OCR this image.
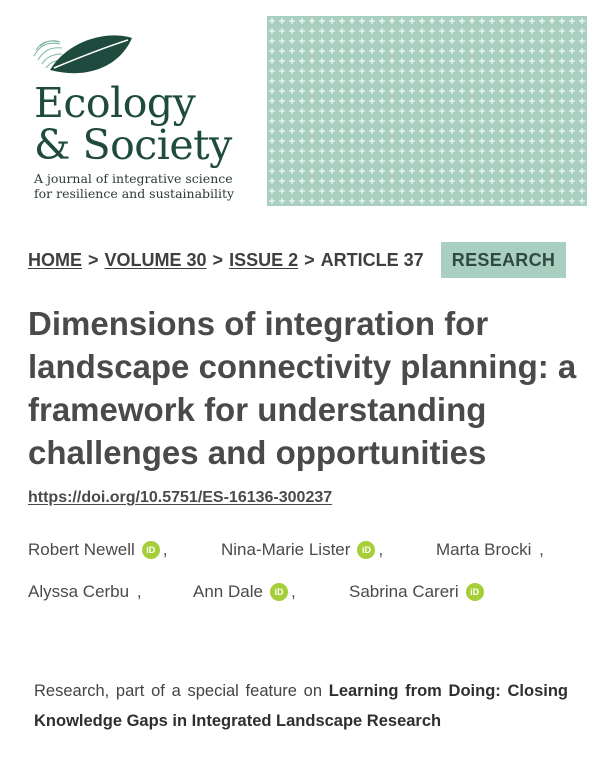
Ecology
& Society
A journal of integrative science
for resilience and sustainability
HOME > VOLUME 30 > ISSUE 2 > ARTICLE 37	RESEARCH
Dimensions of integration for landscape connectivity planning: a framework for understanding challenges and opportunities
https://doi.org/10.5751/ES-16136-300237
Robert Newell	iD ,	Nina-Marie Lister	iD ,	Marta Brocki ,
Alyssa Cerbu ,	Ann Dale	iD ,	Sabrina Careri	iD
Research, part of a special feature on Learning from Doing: Closing Knowledge Gaps in Integrated Landscape Research
